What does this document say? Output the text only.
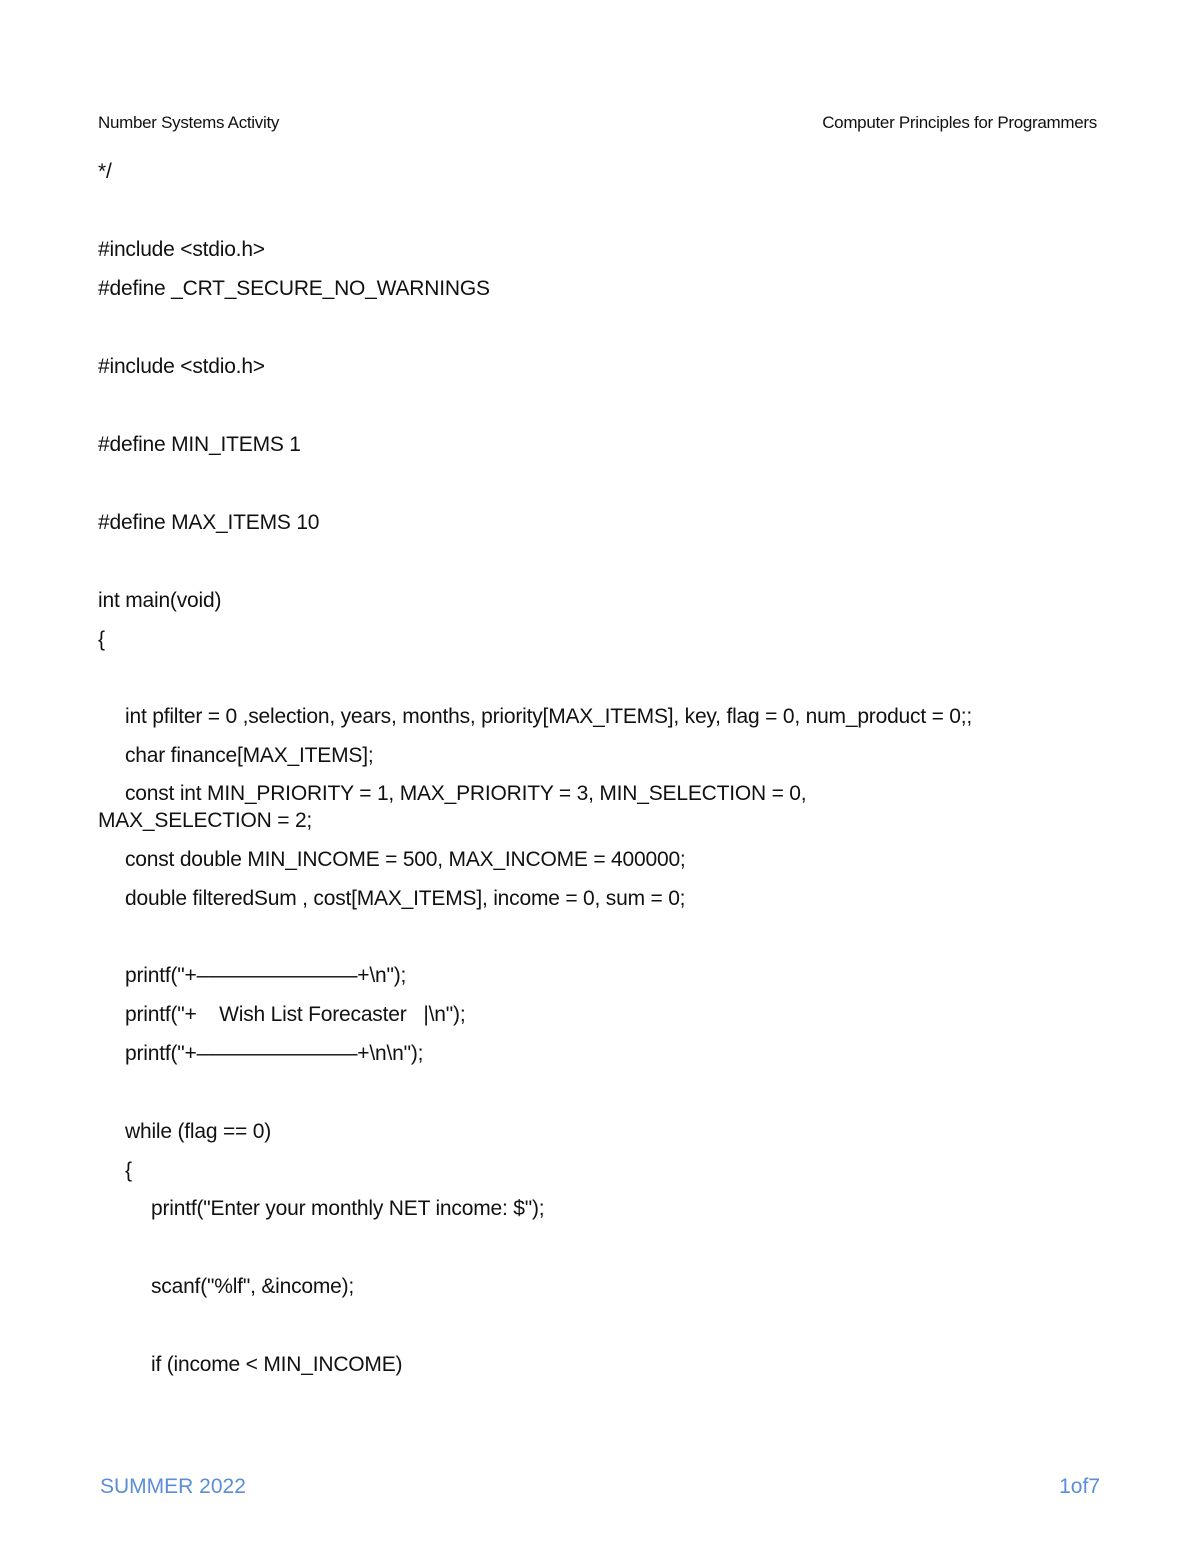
Number Systems Activity	Computer Principles for Programmers
*/
#include <stdio.h>
#define _CRT_SECURE_NO_WARNINGS
#include <stdio.h>
#define MIN_ITEMS 1
#define MAX_ITEMS 10
int main(void)
{
int pfilter = 0 ,selection, years, months, priority[MAX_ITEMS], key, flag = 0, num_product = 0;;
char finance[MAX_ITEMS];
const int MIN_PRIORITY = 1, MAX_PRIORITY = 3, MIN_SELECTION = 0,
MAX_SELECTION = 2;
const double MIN_INCOME = 500, MAX_INCOME = 400000;
double filteredSum , cost[MAX_ITEMS], income = 0, sum = 0;
printf("+––––––––––––––+\n");
printf("+    Wish List Forecaster   |\n");
printf("+––––––––––––––+\n\n");
while (flag == 0)
{
printf("Enter your monthly NET income: $");
scanf("%lf", &income);
if (income < MIN_INCOME)
SUMMER 2022	1of7
